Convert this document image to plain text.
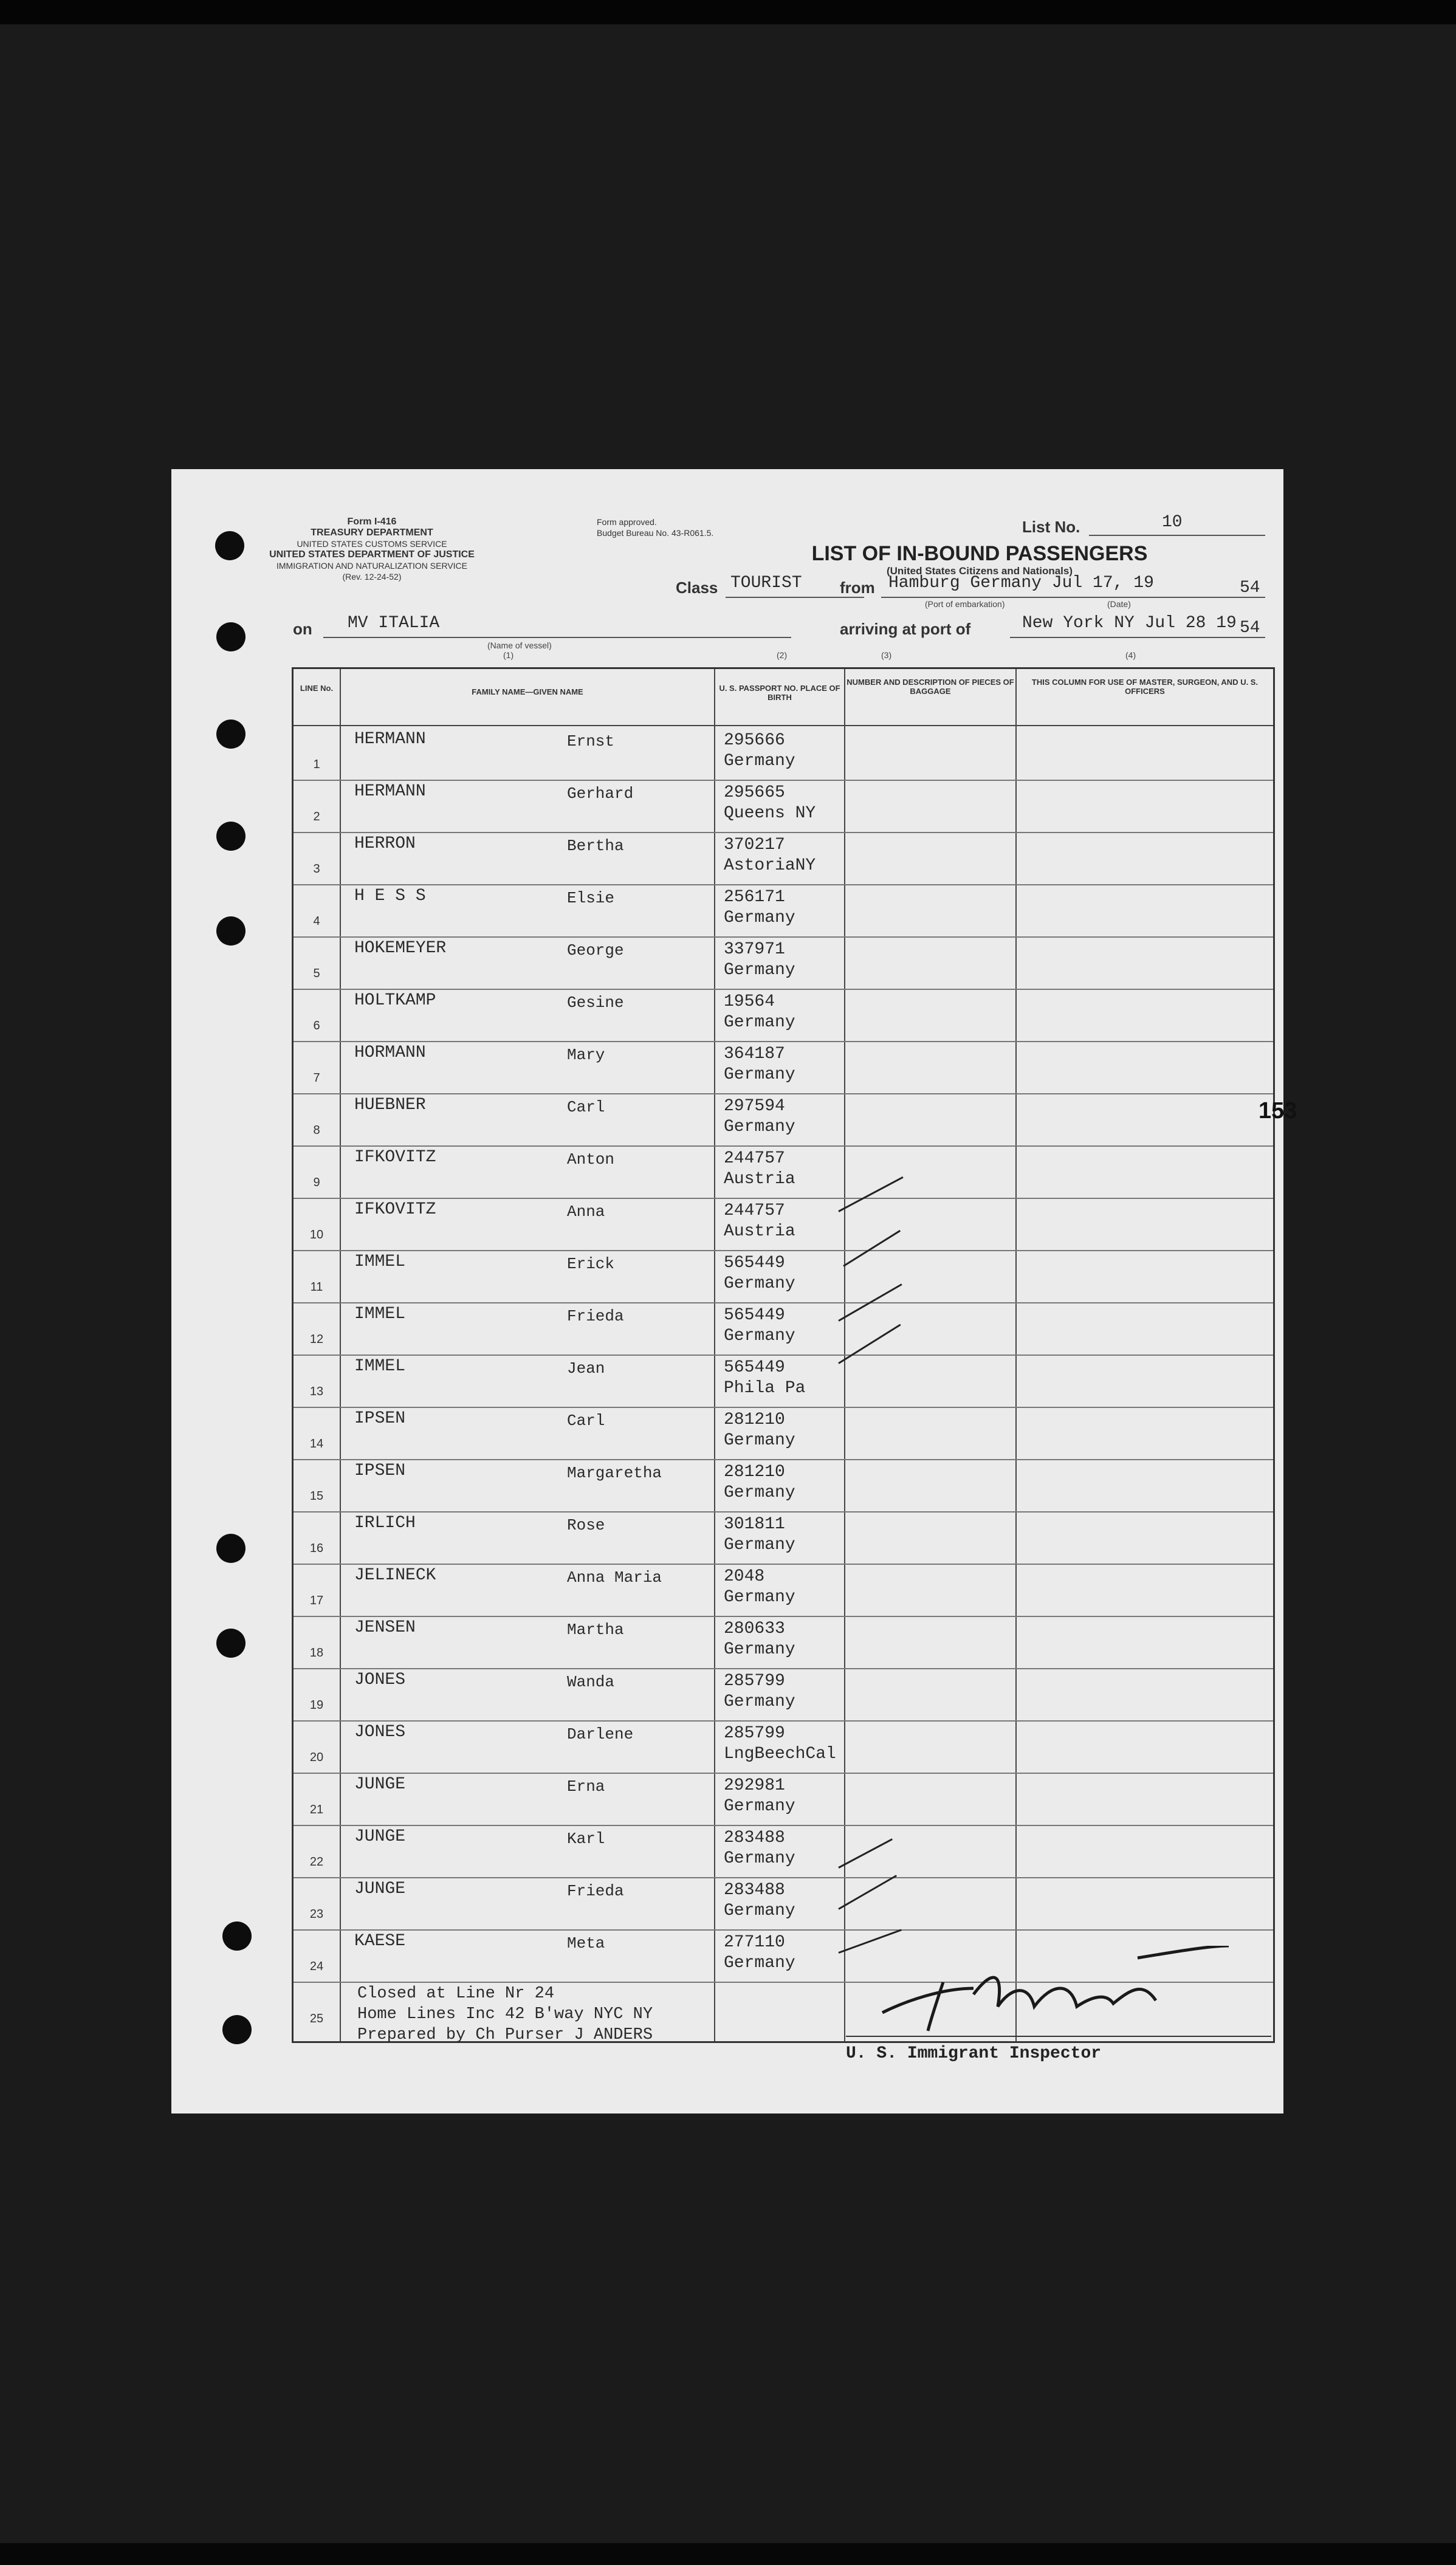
Form I-416
TREASURY DEPARTMENT
UNITED STATES CUSTOMS SERVICE
UNITED STATES DEPARTMENT OF JUSTICE
IMMIGRATION AND NATURALIZATION SERVICE
(Rev. 12-24-52)
Form approved.
Budget Bureau No. 43-R061.5.	List No.	10
LIST OF IN-BOUND PASSENGERS
(United States Citizens and Nationals)
Class TOURIST from Hamburg Germany Jul 17, 19	54
(Port of embarkation)	(Date)
on MV ITALIA
(Name of vessel)
arriving at port of	New York NY Jul 28 19 54
(1)	(2)	(3)	(4)
LINE No.	FAMILY NAME—GIVEN NAME	U. S. PASSPORT NO. PLACE OF BIRTH
NUMBER AND DESCRIPTION OF PIECES OF BAGGAGE
THIS COLUMN FOR USE OF MASTER, SURGEON, AND U. S. OFFICERS
1
HERMANN	Ernst	295666
Germany
2
HERMANN	Gerhard	295665
Queens NY
3
HERRON	Bertha	370217
AstoriaNY
4
H E S S	Elsie	256171
Germany
5
HOKEMEYER	George	337971
Germany
6
HOLTKAMP	Gesine	19564
Germany
7
HORMANN	Mary	364187
Germany
8
HUEBNER	Carl	297594
Germany
9
IFKOVITZ	Anton	244757
Austria
10
IFKOVITZ	Anna	244757
Austria
11
IMMEL	Erick	565449
Germany
12
IMMEL	Frieda	565449
Germany
13
IMMEL	Jean	565449
Phila Pa
14
IPSEN	Carl	281210
Germany
15
IPSEN	Margaretha	281210
Germany
16
IRLICH	Rose	301811
Germany
17
JELINECK	Anna Maria	2048
Germany
18
JENSEN	Martha	280633
Germany
19
JONES	Wanda	285799
Germany
20
JONES	Darlene	285799
LngBeechCal
21
JUNGE	Erna	292981
Germany
22
JUNGE	Karl	283488
Germany
23
JUNGE	Frieda	283488
Germany
24
KAESE	Meta	277110
Germany
25
153
Closed at Line Nr 24
Home Lines Inc 42 B'way NYC NY
Prepared by Ch Purser J ANDERS
U. S. Immigrant Inspector
